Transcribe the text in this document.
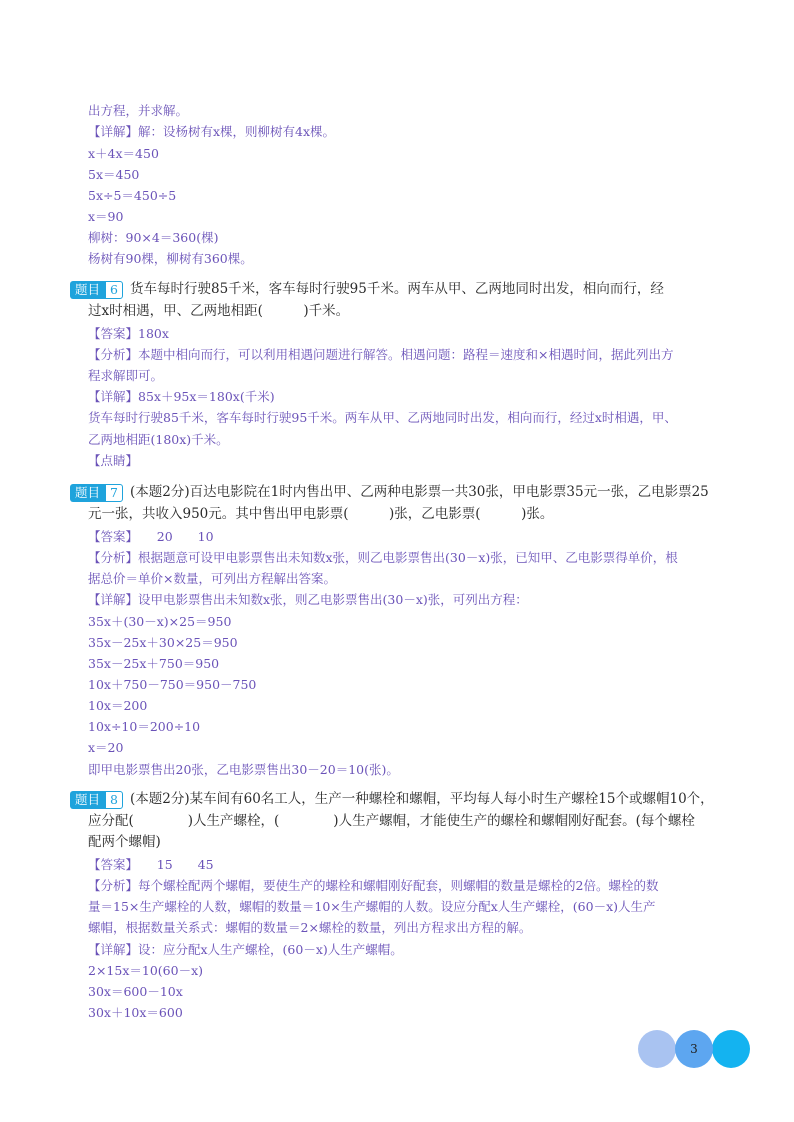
出方程，并求解。
【详解】解：设杨树有x棵，则柳树有4x棵。
x＋4x＝450
5x＝450
5x÷5＝450÷5
x＝90
柳树：90×4＝360(棵)
杨树有90棵，柳树有360棵。
货车每时行驶85千米，客车每时行驶95千米。两车从甲、乙两地同时出发，相向而行，经
过x时相遇，甲、乙两地相距(　　　)千米。
【答案】180x
【分析】本题中相向而行，可以利用相遇问题进行解答。相遇问题：路程＝速度和×相遇时间，据此列出方
程求解即可。
【详解】85x＋95x＝180x(千米)
货车每时行驶85千米，客车每时行驶95千米。两车从甲、乙两地同时出发，相向而行，经过x时相遇，甲、
乙两地相距(180x)千米。
【点睛】
(本题2分)百达电影院在1时内售出甲、乙两种电影票一共30张，甲电影票35元一张，乙电影票25
元一张，共收入950元。其中售出甲电影票(　　　)张，乙电影票(　　　)张。
【答案】　　20　　10
【分析】根据题意可设甲电影票售出未知数x张，则乙电影票售出(30－x)张，已知甲、乙电影票得单价，根
据总价＝单价×数量，可列出方程解出答案。
【详解】设甲电影票售出未知数x张，则乙电影票售出(30－x)张，可列出方程：
35x＋(30－x)×25＝950
35x－25x＋30×25＝950
35x－25x＋750＝950
10x＋750－750＝950－750
10x＝200
10x÷10＝200÷10
x＝20
即甲电影票售出20张，乙电影票售出30－20＝10(张)。
(本题2分)某车间有60名工人，生产一种螺栓和螺帽，平均每人每小时生产螺栓15个或螺帽10个，
应分配(　　　　)人生产螺栓，(　　　　)人生产螺帽，才能使生产的螺栓和螺帽刚好配套。(每个螺栓
配两个螺帽)
【答案】　　15　　45
【分析】每个螺栓配两个螺帽，要使生产的螺栓和螺帽刚好配套，则螺帽的数量是螺栓的2倍。螺栓的数
量＝15×生产螺栓的人数，螺帽的数量＝10×生产螺帽的人数。设应分配x人生产螺栓，(60－x)人生产
螺帽，根据数量关系式：螺帽的数量＝2×螺栓的数量，列出方程求出方程的解。
【详解】设：应分配x人生产螺栓，(60－x)人生产螺帽。
2×15x＝10(60－x)
30x＝600－10x
30x＋10x＝600
题目 6
题目 7
题目 8
3
